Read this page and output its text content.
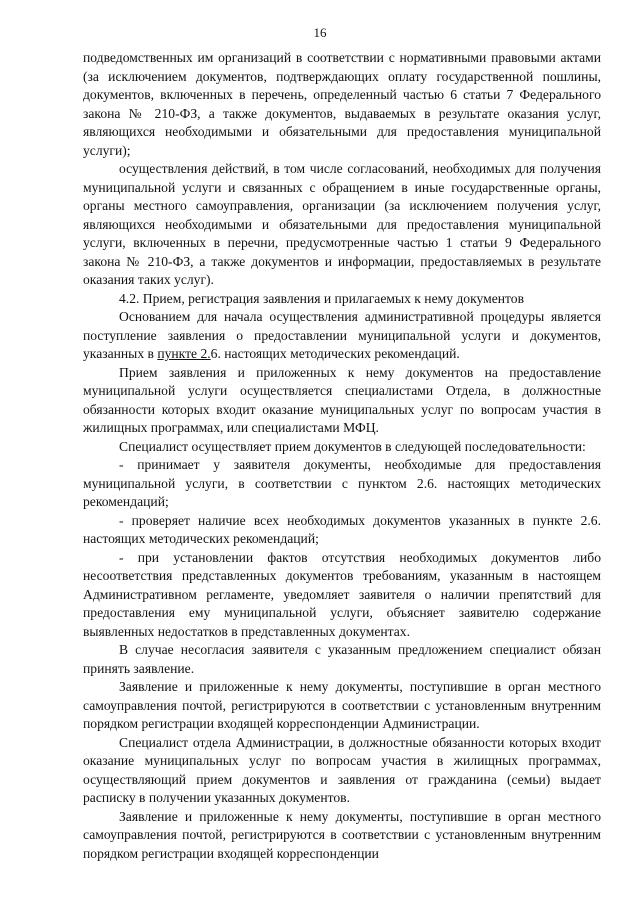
16

подведомственных им организаций в соответствии с нормативными правовыми актами (за исключением документов, подтверждающих оплату государственной пошлины, документов, включенных в перечень, определенный частью 6 статьи 7 Федерального закона № 210-ФЗ, а также документов, выдаваемых в результате оказания услуг, являющихся необходимыми и обязательными для предоставления муниципальной услуги);

осуществления действий, в том числе согласований, необходимых для получения муниципальной услуги и связанных с обращением в иные государственные органы, органы местного самоуправления, организации (за исключением получения услуг, являющихся необходимыми и обязательными для предоставления муниципальной услуги, включенных в перечни, предусмотренные частью 1 статьи 9 Федерального закона № 210-ФЗ, а также документов и информации, предоставляемых в результате оказания таких услуг).

4.2. Прием, регистрация заявления и прилагаемых к нему документов

Основанием для начала осуществления административной процедуры является поступление заявления о предоставлении муниципальной услуги и документов, указанных в пункте 2.6. настоящих методических рекомендаций.

Прием заявления и приложенных к нему документов на предоставление муниципальной услуги осуществляется специалистами Отдела, в должностные обязанности которых входит оказание муниципальных услуг по вопросам участия в жилищных программах, или специалистами МФЦ.

Специалист осуществляет прием документов в следующей последовательности:

- принимает у заявителя документы, необходимые для предоставления муниципальной услуги, в соответствии с пунктом 2.6. настоящих методических рекомендаций;

- проверяет наличие всех необходимых документов указанных в пункте 2.6. настоящих методических рекомендаций;

- при установлении фактов отсутствия необходимых документов либо несоответствия представленных документов требованиям, указанным в настоящем Административном регламенте, уведомляет заявителя о наличии препятствий для предоставления ему муниципальной услуги, объясняет заявителю содержание выявленных недостатков в представленных документах.

В случае несогласия заявителя с указанным предложением специалист обязан принять заявление.

Заявление и приложенные к нему документы, поступившие в орган местного самоуправления почтой, регистрируются в соответствии с установленным внутренним порядком регистрации входящей корреспонденции Администрации.

Специалист отдела Администрации, в должностные обязанности которых входит оказание муниципальных услуг по вопросам участия в жилищных программах, осуществляющий прием документов и заявления от гражданина (семьи) выдает расписку в получении указанных документов.

Заявление и приложенные к нему документы, поступившие в орган местного самоуправления почтой, регистрируются в соответствии с установленным внутренним порядком регистрации входящей корреспонденции
